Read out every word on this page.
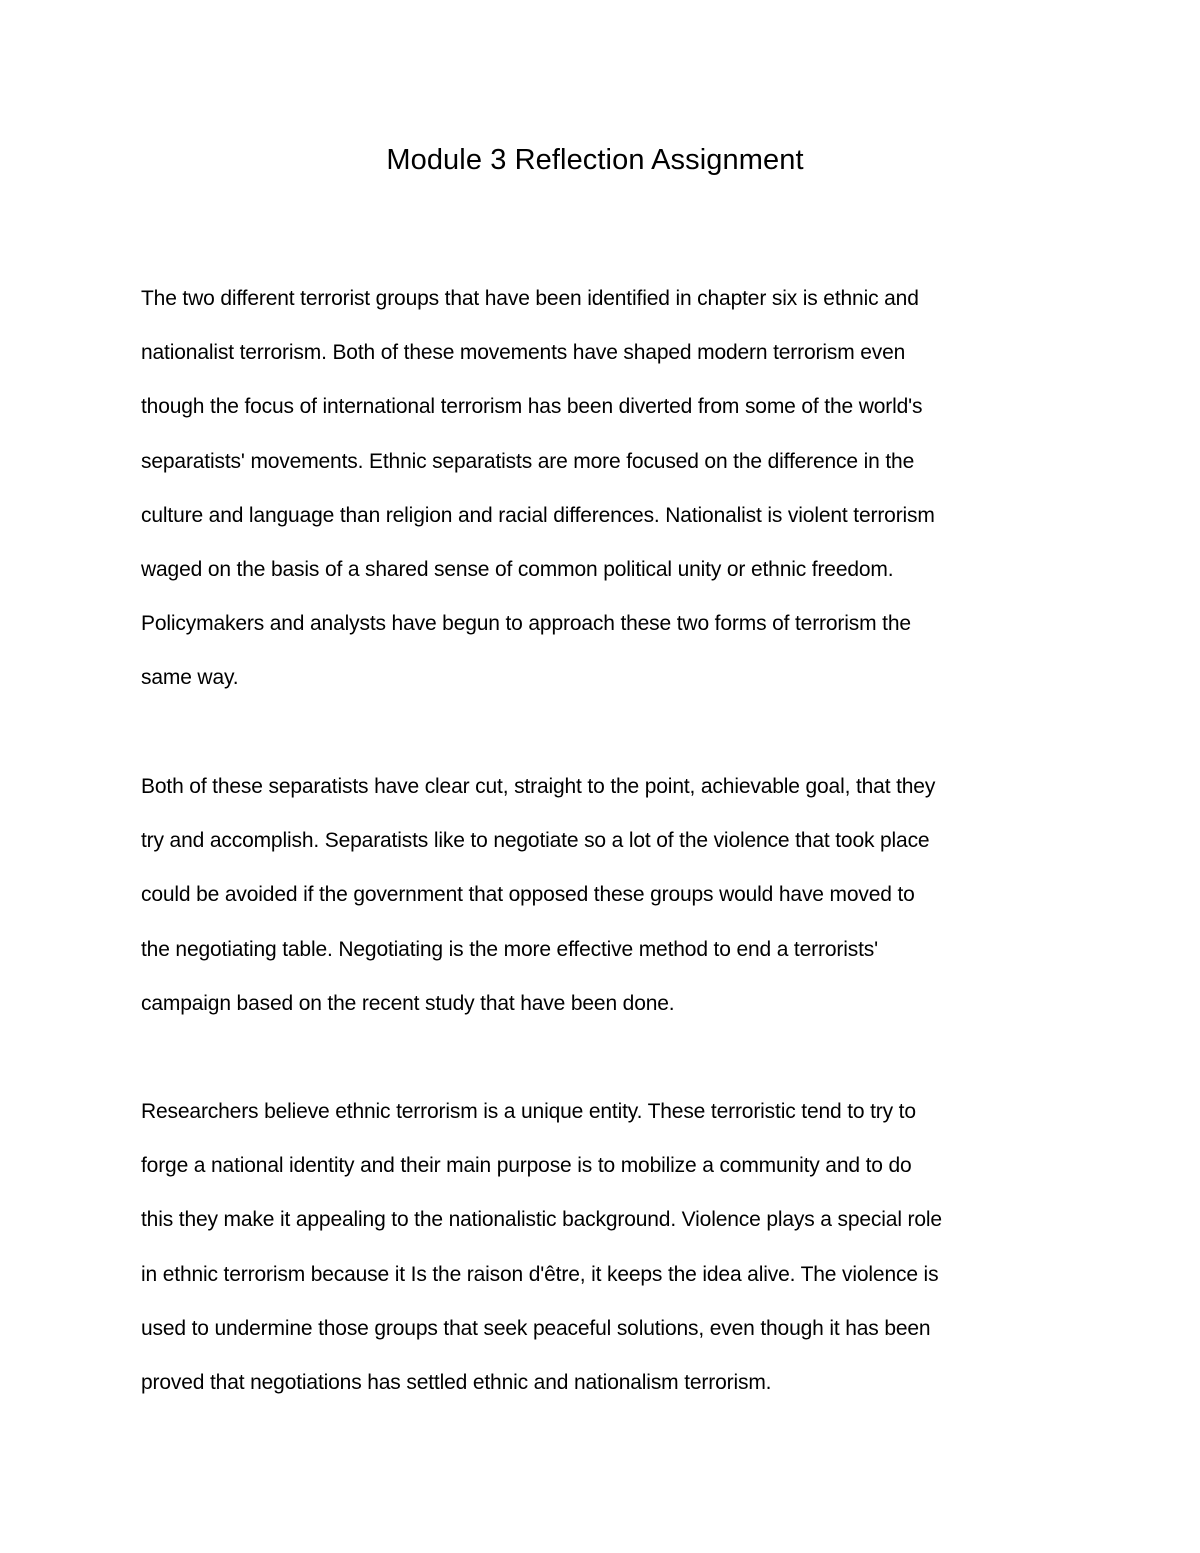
Module 3 Reflection Assignment
The two different terrorist groups that have been identified in chapter six is ethnic and
nationalist terrorism. Both of these movements have shaped modern terrorism even
though the focus of international terrorism has been diverted from some of the world's
separatists' movements. Ethnic separatists are more focused on the difference in the
culture and language than religion and racial differences. Nationalist is violent terrorism
waged on the basis of a shared sense of common political unity or ethnic freedom.
Policymakers and analysts have begun to approach these two forms of terrorism the
same way.
Both of these separatists have clear cut, straight to the point, achievable goal, that they
try and accomplish. Separatists like to negotiate so a lot of the violence that took place
could be avoided if the government that opposed these groups would have moved to
the negotiating table. Negotiating is the more effective method to end a terrorists'
campaign based on the recent study that have been done.
Researchers believe ethnic terrorism is a unique entity. These terroristic tend to try to
forge a national identity and their main purpose is to mobilize a community and to do
this they make it appealing to the nationalistic background. Violence plays a special role
in ethnic terrorism because it Is the raison d'être, it keeps the idea alive. The violence is
used to undermine those groups that seek peaceful solutions, even though it has been
proved that negotiations has settled ethnic and nationalism terrorism.
